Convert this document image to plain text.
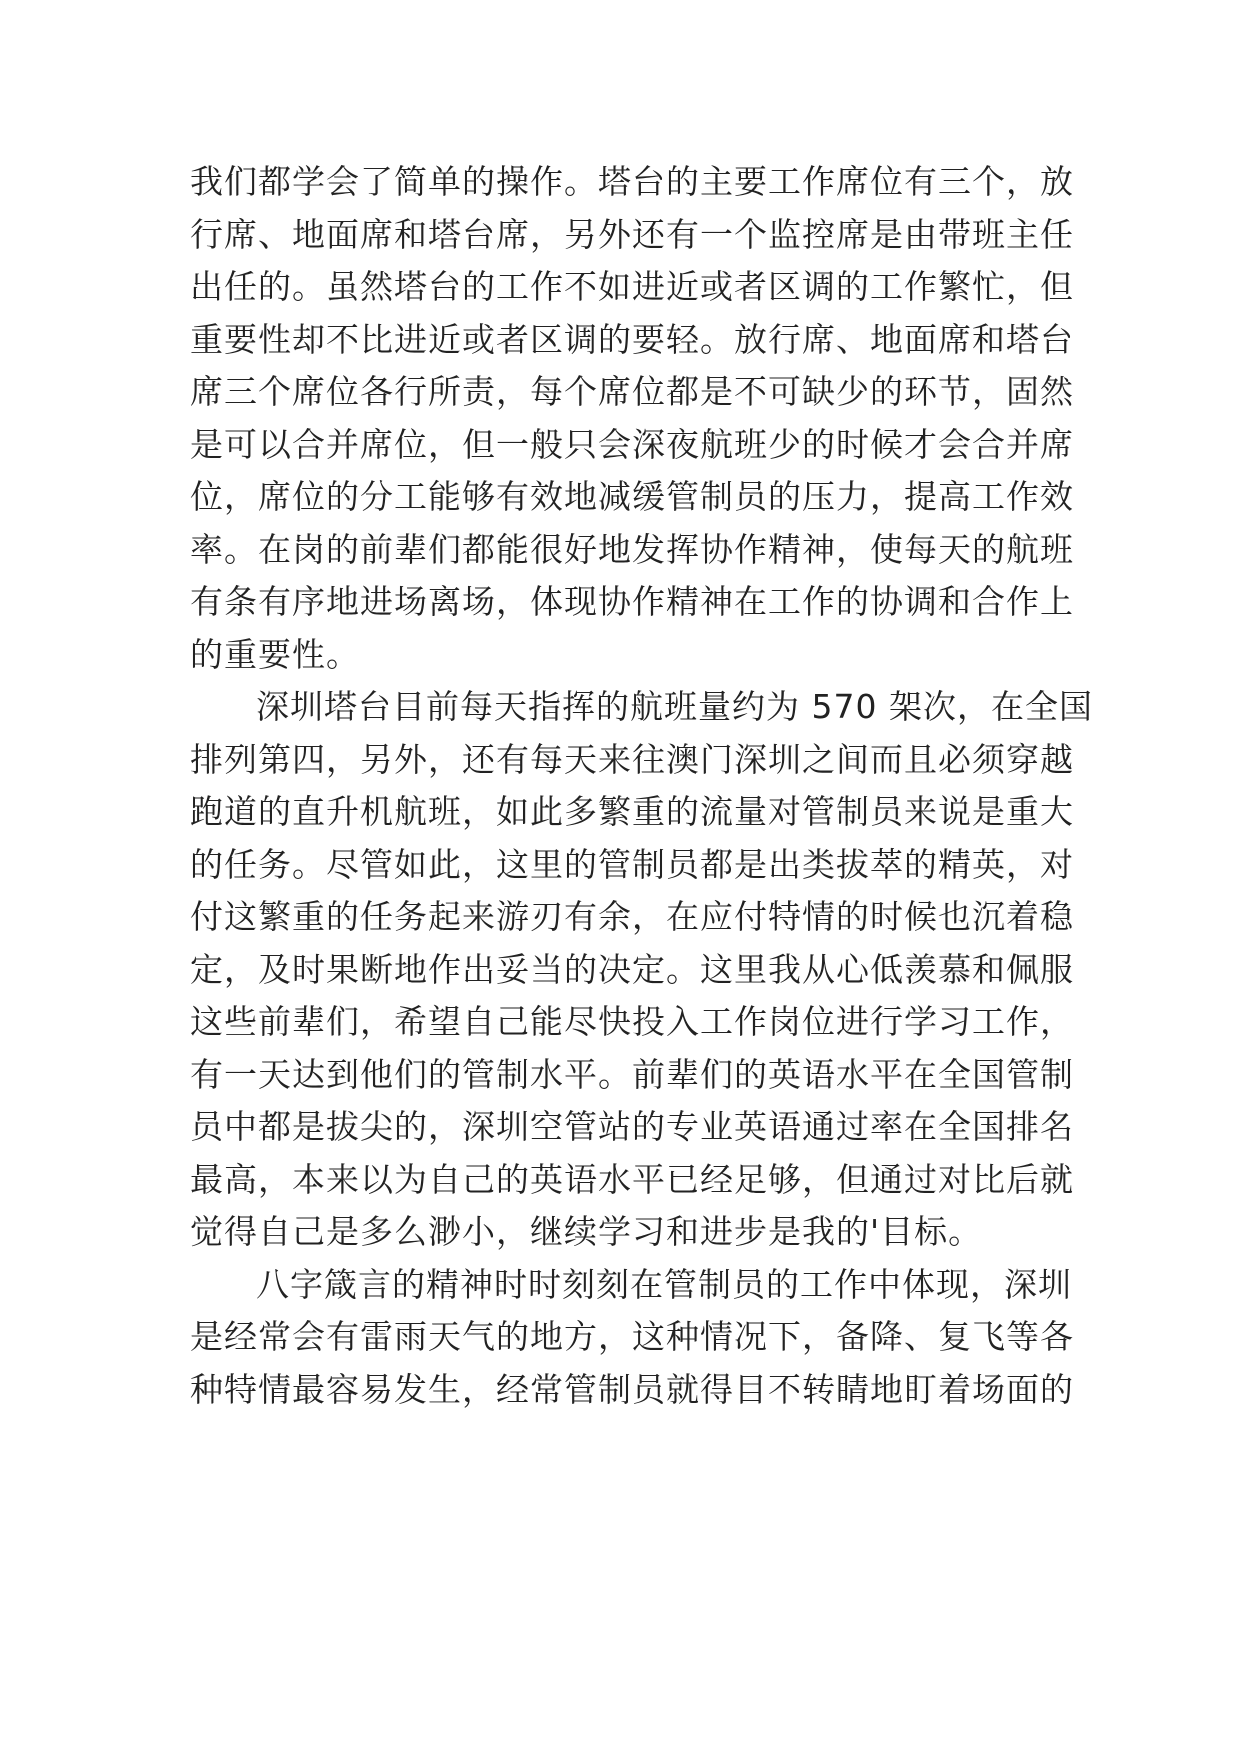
我们都学会了简单的操作。塔台的主要工作席位有三个，放
行席、地面席和塔台席，另外还有一个监控席是由带班主任
出任的。虽然塔台的工作不如进近或者区调的工作繁忙，但
重要性却不比进近或者区调的要轻。放行席、地面席和塔台
席三个席位各行所责，每个席位都是不可缺少的环节，固然
是可以合并席位，但一般只会深夜航班少的时候才会合并席
位，席位的分工能够有效地减缓管制员的压力，提高工作效
率。在岗的前辈们都能很好地发挥协作精神，使每天的航班
有条有序地进场离场，体现协作精神在工作的协调和合作上
的重要性。
深圳塔台目前每天指挥的航班量约为 570 架次，在全国
排列第四，另外，还有每天来往澳门深圳之间而且必须穿越
跑道的直升机航班，如此多繁重的流量对管制员来说是重大
的任务。尽管如此，这里的管制员都是出类拔萃的精英，对
付这繁重的任务起来游刃有余，在应付特情的时候也沉着稳
定，及时果断地作出妥当的决定。这里我从心低羡慕和佩服
这些前辈们，希望自己能尽快投入工作岗位进行学习工作，
有一天达到他们的管制水平。前辈们的英语水平在全国管制
员中都是拔尖的，深圳空管站的专业英语通过率在全国排名
最高，本来以为自己的英语水平已经足够，但通过对比后就
觉得自己是多么渺小，继续学习和进步是我的'目标。
八字箴言的精神时时刻刻在管制员的工作中体现，深圳
是经常会有雷雨天气的地方，这种情况下，备降、复飞等各
种特情最容易发生，经常管制员就得目不转睛地盯着场面的
